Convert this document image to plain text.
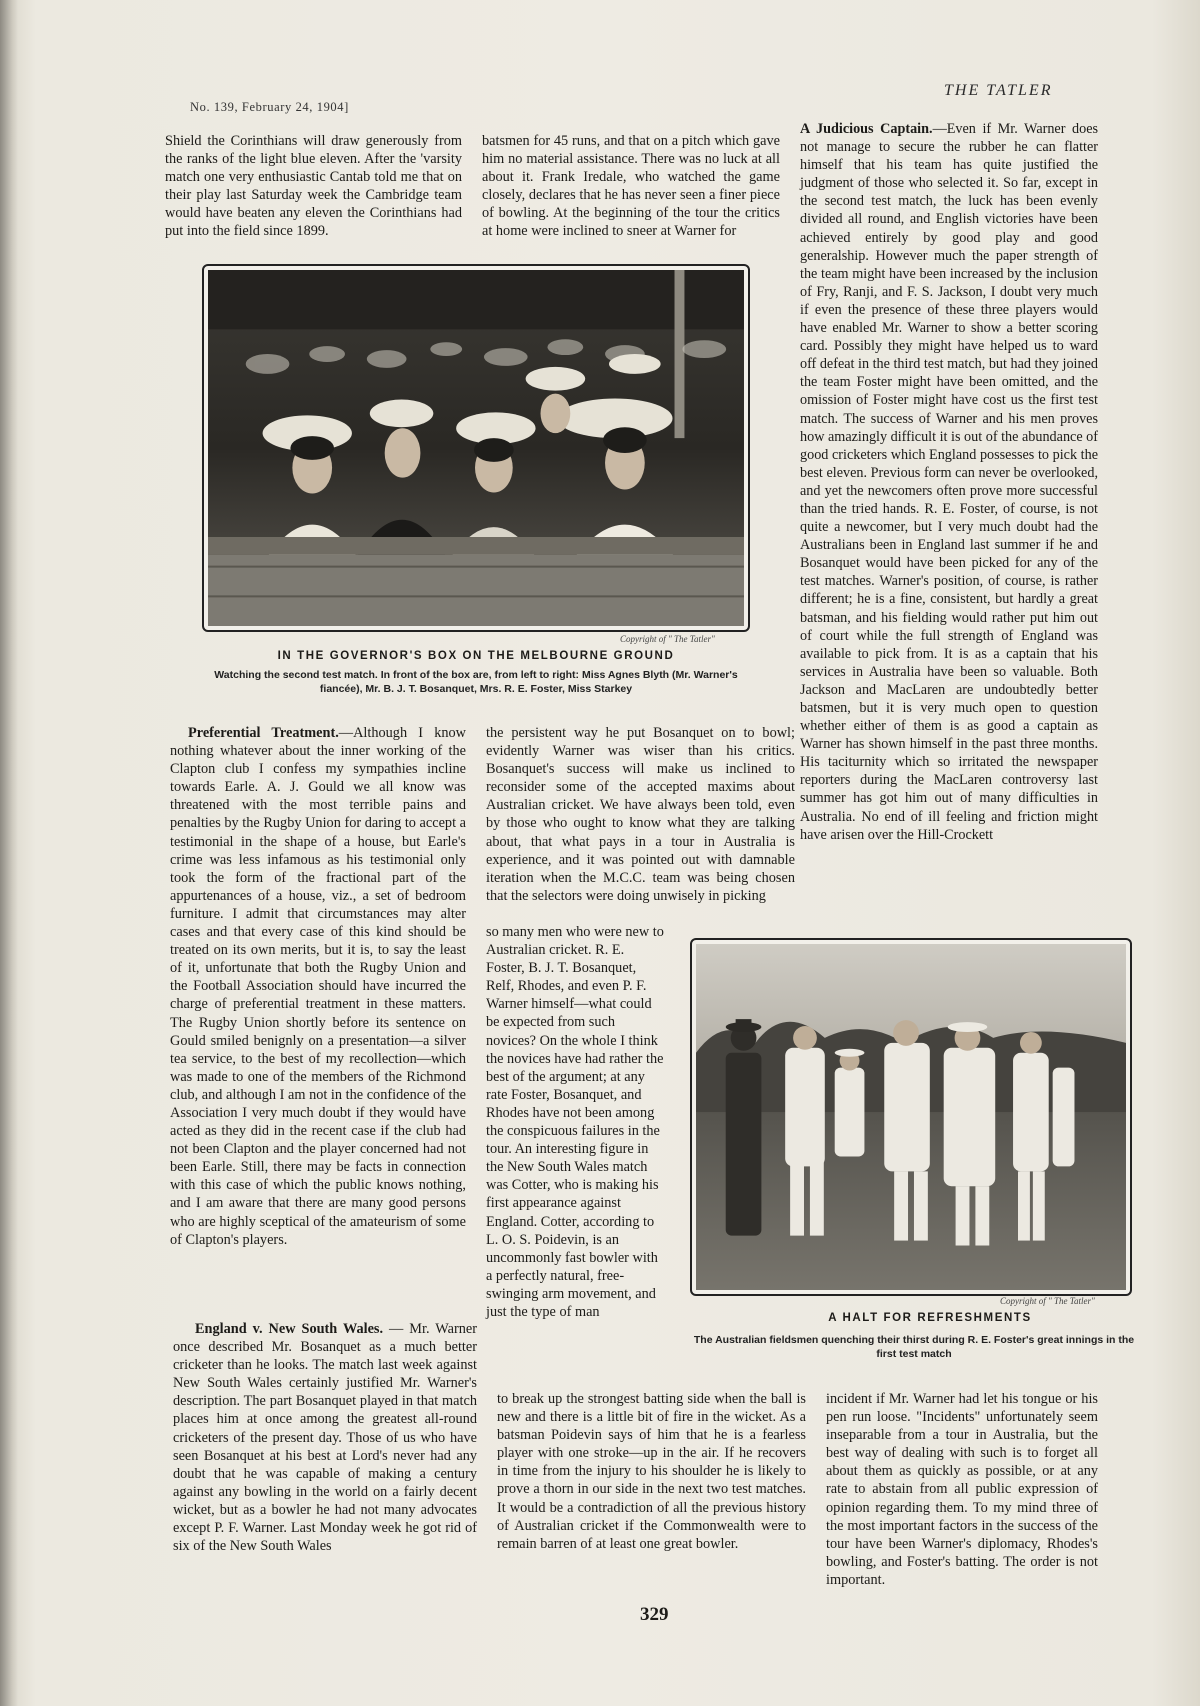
No. 139, February 24, 1904]
THE TATLER

Shield the Corinthians will draw generously from the ranks of the light blue eleven. After the 'varsity match one very enthusiastic Cantab told me that on their play last Saturday week the Cambridge team would have beaten any eleven the Corinthians had put into the field since 1899.

batsmen for 45 runs, and that on a pitch which gave him no material assistance. There was no luck at all about it. Frank Iredale, who watched the game closely, declares that he has never seen a finer piece of bowling. At the beginning of the tour the critics at home were inclined to sneer at Warner for

A Judicious Captain.—Even if Mr. Warner does not manage to secure the rubber he can flatter himself that his team has quite justified the judgment of those who selected it. So far, except in the second test match, the luck has been evenly divided all round, and English victories have been achieved entirely by good play and good generalship. However much the paper strength of the team might have been increased by the inclusion of Fry, Ranji, and F. S. Jackson, I doubt very much if even the presence of these three players would have enabled Mr. Warner to show a better scoring card. Possibly they might have helped us to ward off defeat in the third test match, but had they joined the team Foster might have been omitted, and the omission of Foster might have cost us the first test match. The success of Warner and his men proves how amazingly difficult it is out of the abundance of good cricketers which England possesses to pick the best eleven. Previous form can never be overlooked, and yet the newcomers often prove more successful than the tried hands. R. E. Foster, of course, is not quite a newcomer, but I very much doubt had the Australians been in England last summer if he and Bosanquet would have been picked for any of the test matches. Warner's position, of course, is rather different; he is a fine, consistent, but hardly a great batsman, and his fielding would rather put him out of court while the full strength of England was available to pick from. It is as a captain that his services in Australia have been so valuable. Both Jackson and MacLaren are undoubtedly better batsmen, but it is very much open to question whether either of them is as good a captain as Warner has shown himself in the past three months. His taciturnity which so irritated the newspaper reporters during the MacLaren controversy last summer has got him out of many difficulties in Australia. No end of ill feeling and friction might have arisen over the Hill-Crockett
Copyright of " The Tatler"
IN THE GOVERNOR'S BOX ON THE MELBOURNE GROUND
Watching the second test match. In front of the box are, from left to right: Miss Agnes Blyth (Mr. Warner's fiancée), Mr. B. J. T. Bosanquet, Mrs. R. E. Foster, Miss Starkey
Preferential Treatment.—Although I know nothing whatever about the inner working of the Clapton club I confess my sympathies incline towards Earle. A. J. Gould we all know was threatened with the most terrible pains and penalties by the Rugby Union for daring to accept a testimonial in the shape of a house, but Earle's crime was less infamous as his testimonial only took the form of the fractional part of the appurtenances of a house, viz., a set of bedroom furniture. I admit that circumstances may alter cases and that every case of this kind should be treated on its own merits, but it is, to say the least of it, unfortunate that both the Rugby Union and the Football Association should have incurred the charge of preferential treatment in these matters. The Rugby Union shortly before its sentence on Gould smiled benignly on a presentation—a silver tea service, to the best of my recollection—which was made to one of the members of the Richmond club, and although I am not in the confidence of the Association I very much doubt if they would have acted as they did in the recent case if the club had not been Clapton and the player concerned had not been Earle. Still, there may be facts in connection with this case of which the public knows nothing, and I am aware that there are many good persons who are highly sceptical of the amateurism of some of Clapton's players.
England v. New South Wales. — Mr. Warner once described Mr. Bosanquet as a much better cricketer than he looks. The match last week against New South Wales certainly justified Mr. Warner's description. The part Bosanquet played in that match places him at once among the greatest all-round cricketers of the present day. Those of us who have seen Bosanquet at his best at Lord's never had any doubt that he was capable of making a century against any bowling in the world on a fairly decent wicket, but as a bowler he had not many advocates except P. F. Warner. Last Monday week he got rid of six of the New South Wales

the persistent way he put Bosanquet on to bowl; evidently Warner was wiser than his critics. Bosanquet's success will make us inclined to reconsider some of the accepted maxims about Australian cricket. We have always been told, even by those who ought to know what they are talking about, that what pays in a tour in Australia is experience, and it was pointed out with damnable iteration when the M.C.C. team was being chosen that the selectors were doing unwisely in picking

so many men who were new to Australian cricket. R. E. Foster, B. J. T. Bosanquet, Relf, Rhodes, and even P. F. Warner himself—what could be expected from such novices? On the whole I think the novices have had rather the best of the argument; at any rate Foster, Bosanquet, and Rhodes have not been among the conspicuous failures in the tour. An interesting figure in the New South Wales match was Cotter, who is making his first appearance against England. Cotter, according to L. O. S. Poidevin, is an uncommonly fast bowler with a perfectly natural, free-swinging arm movement, and just the type of man

to break up the strongest batting side when the ball is new and there is a little bit of fire in the wicket. As a batsman Poidevin says of him that he is a fearless player with one stroke—up in the air. If he recovers in time from the injury to his shoulder he is likely to prove a thorn in our side in the next two test matches. It would be a contradiction of all the previous history of Australian cricket if the Commonwealth were to remain barren of at least one great bowler.

Copyright of " The Tatler"
A HALT FOR REFRESHMENTS
The Australian fieldsmen quenching their thirst during R. E. Foster's great innings in the first test match

incident if Mr. Warner had let his tongue or his pen run loose. "Incidents" unfortunately seem inseparable from a tour in Australia, but the best way of dealing with such is to forget all about them as quickly as possible, or at any rate to abstain from all public expression of opinion regarding them. To my mind three of the most important factors in the success of the tour have been Warner's diplomacy, Rhodes's bowling, and Foster's batting. The order is not important.

329
